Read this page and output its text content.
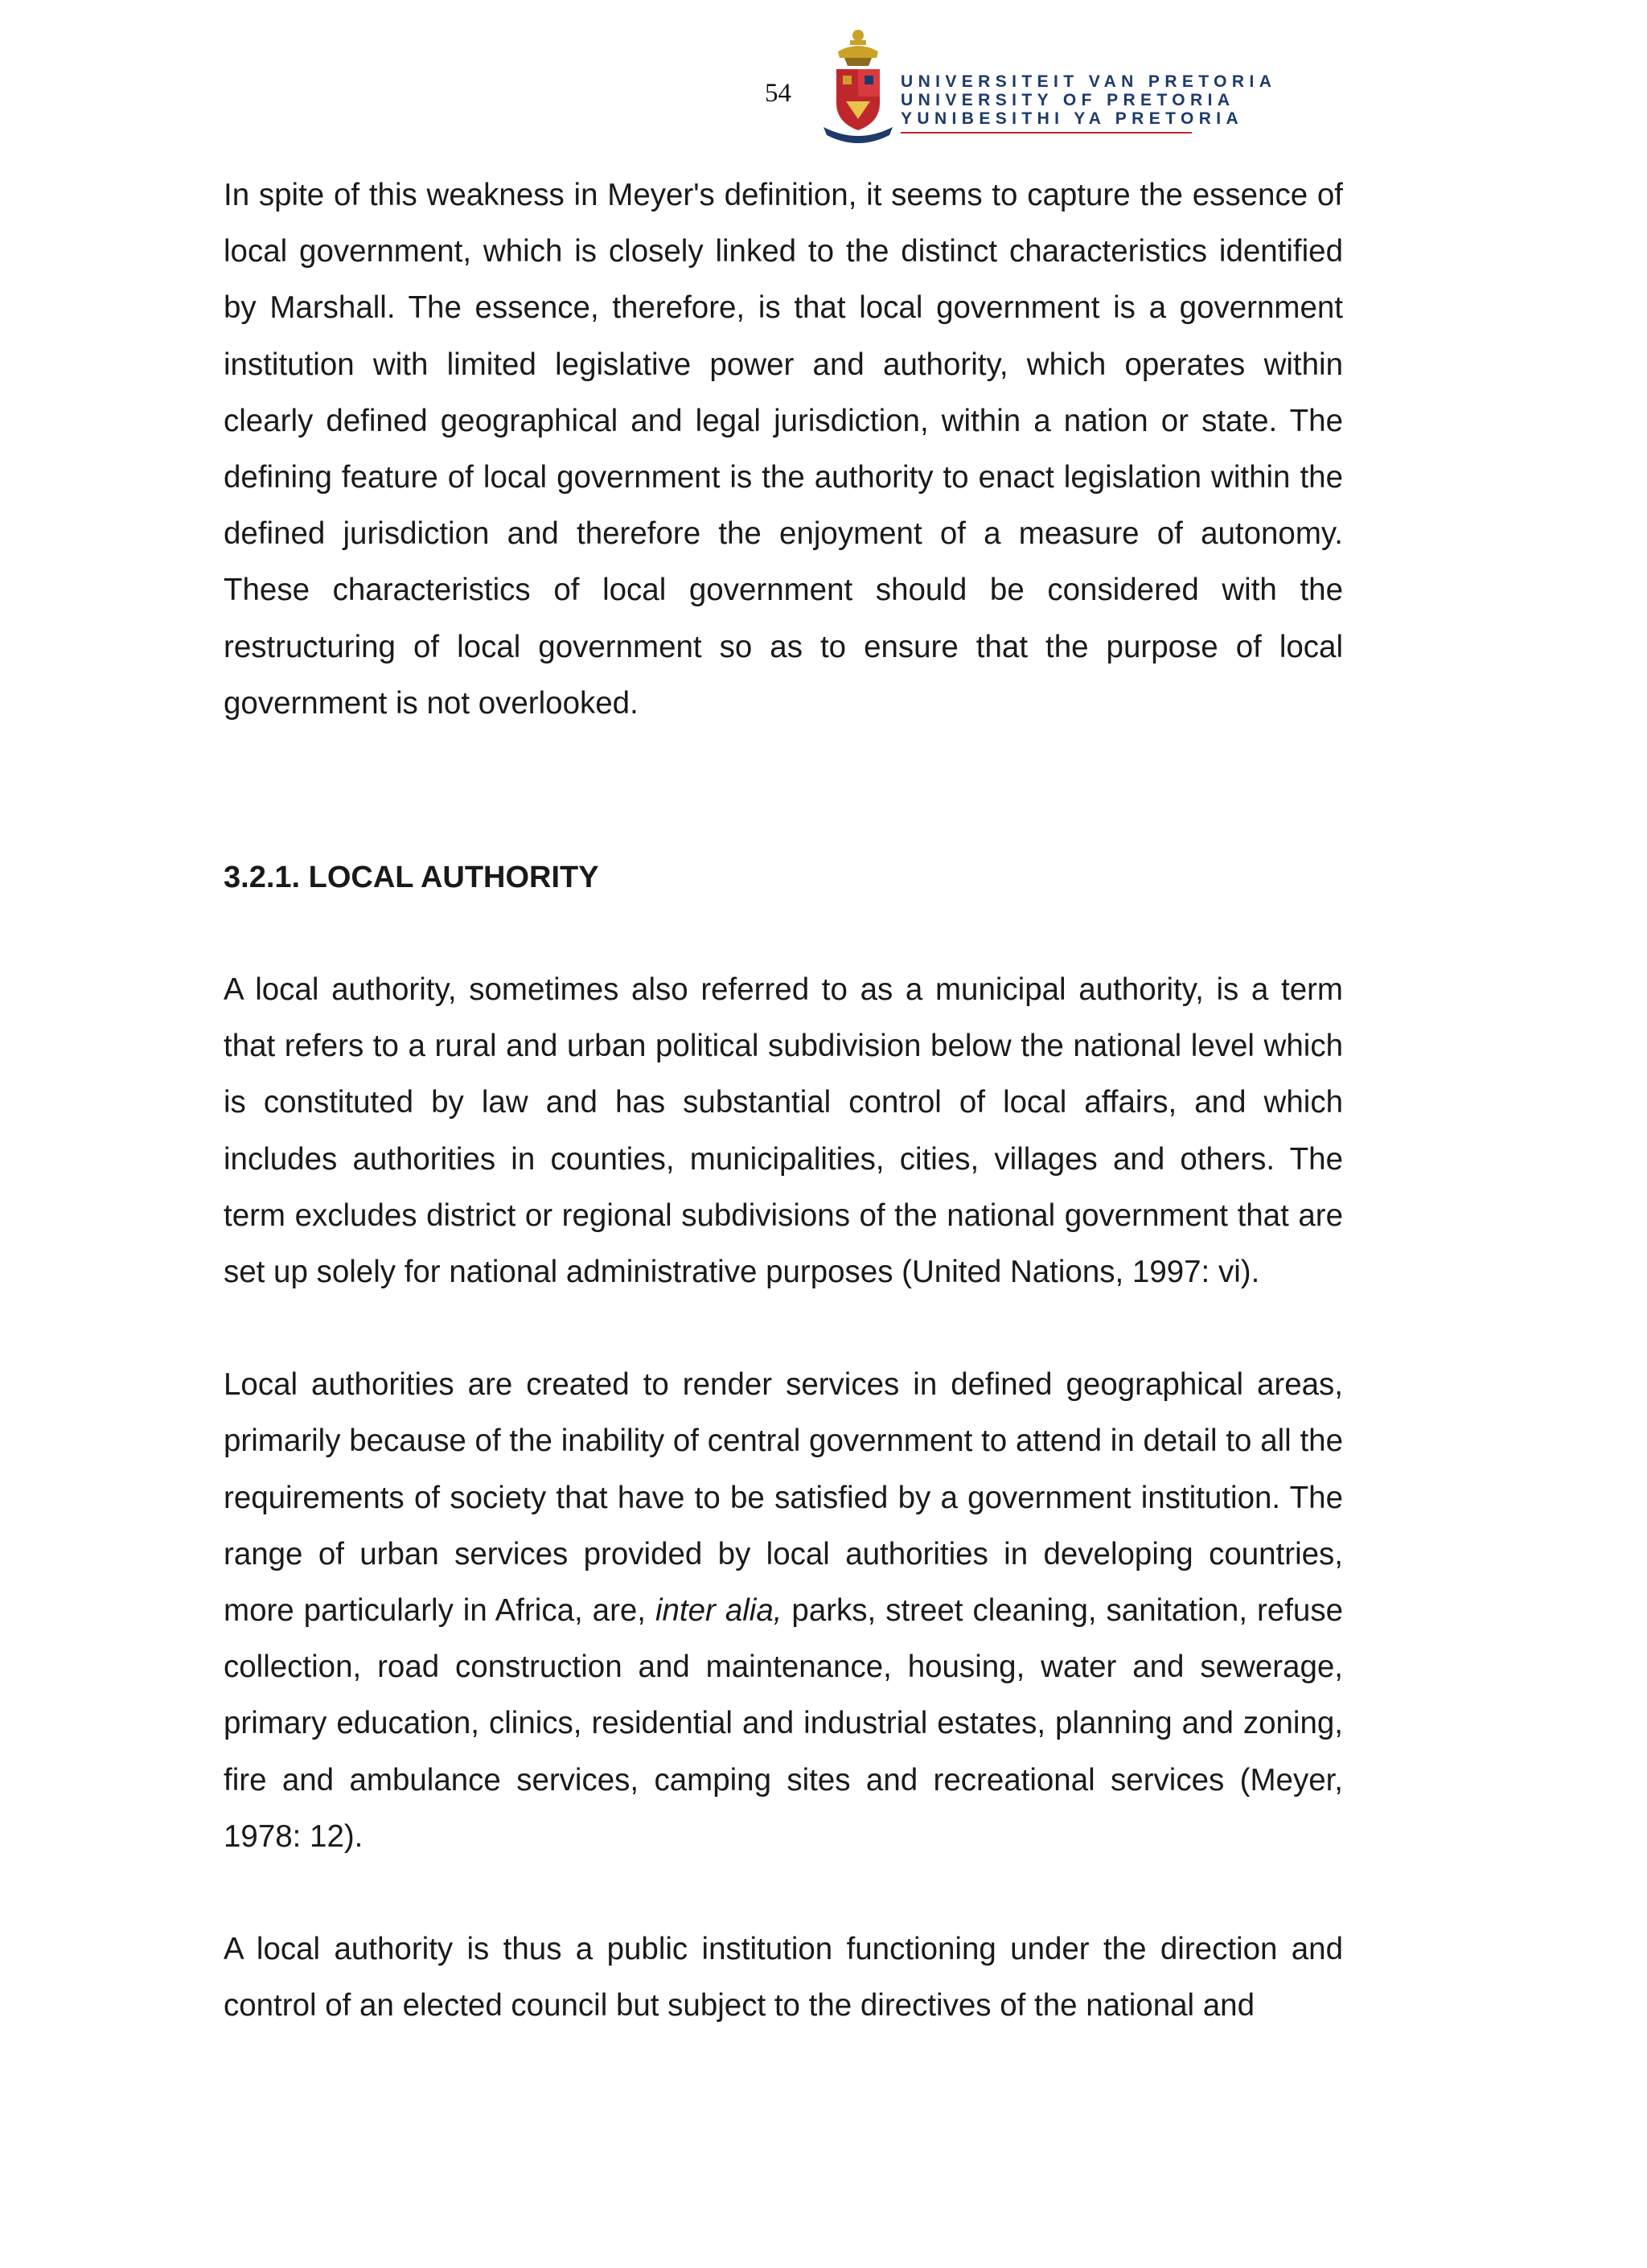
54	UNIVERSITEIT VAN PRETORIA
UNIVERSITY OF PRETORIA
YUNIBESITHI YA PRETORIA

In spite of this weakness in Meyer's definition, it seems to capture the essence of local government, which is closely linked to the distinct characteristics identified by Marshall. The essence, therefore, is that local government is a government institution with limited legislative power and authority, which operates within clearly defined geographical and legal jurisdiction, within a nation or state. The defining feature of local government is the authority to enact legislation within the defined jurisdiction and therefore the enjoyment of a measure of autonomy. These characteristics of local government should be considered with the restructuring of local government so as to ensure that the purpose of local government is not overlooked.

3.2.1. LOCAL AUTHORITY

A local authority, sometimes also referred to as a municipal authority, is a term that refers to a rural and urban political subdivision below the national level which is constituted by law and has substantial control of local affairs, and which includes authorities in counties, municipalities, cities, villages and others. The term excludes district or regional subdivisions of the national government that are set up solely for national administrative purposes (United Nations, 1997: vi).

Local authorities are created to render services in defined geographical areas, primarily because of the inability of central government to attend in detail to all the requirements of society that have to be satisfied by a government institution. The range of urban services provided by local authorities in developing countries, more particularly in Africa, are, inter alia, parks, street cleaning, sanitation, refuse collection, road construction and maintenance, housing, water and sewerage, primary education, clinics, residential and industrial estates, planning and zoning, fire and ambulance services, camping sites and recreational services (Meyer, 1978: 12).

A local authority is thus a public institution functioning under the direction and control of an elected council but subject to the directives of the national and
